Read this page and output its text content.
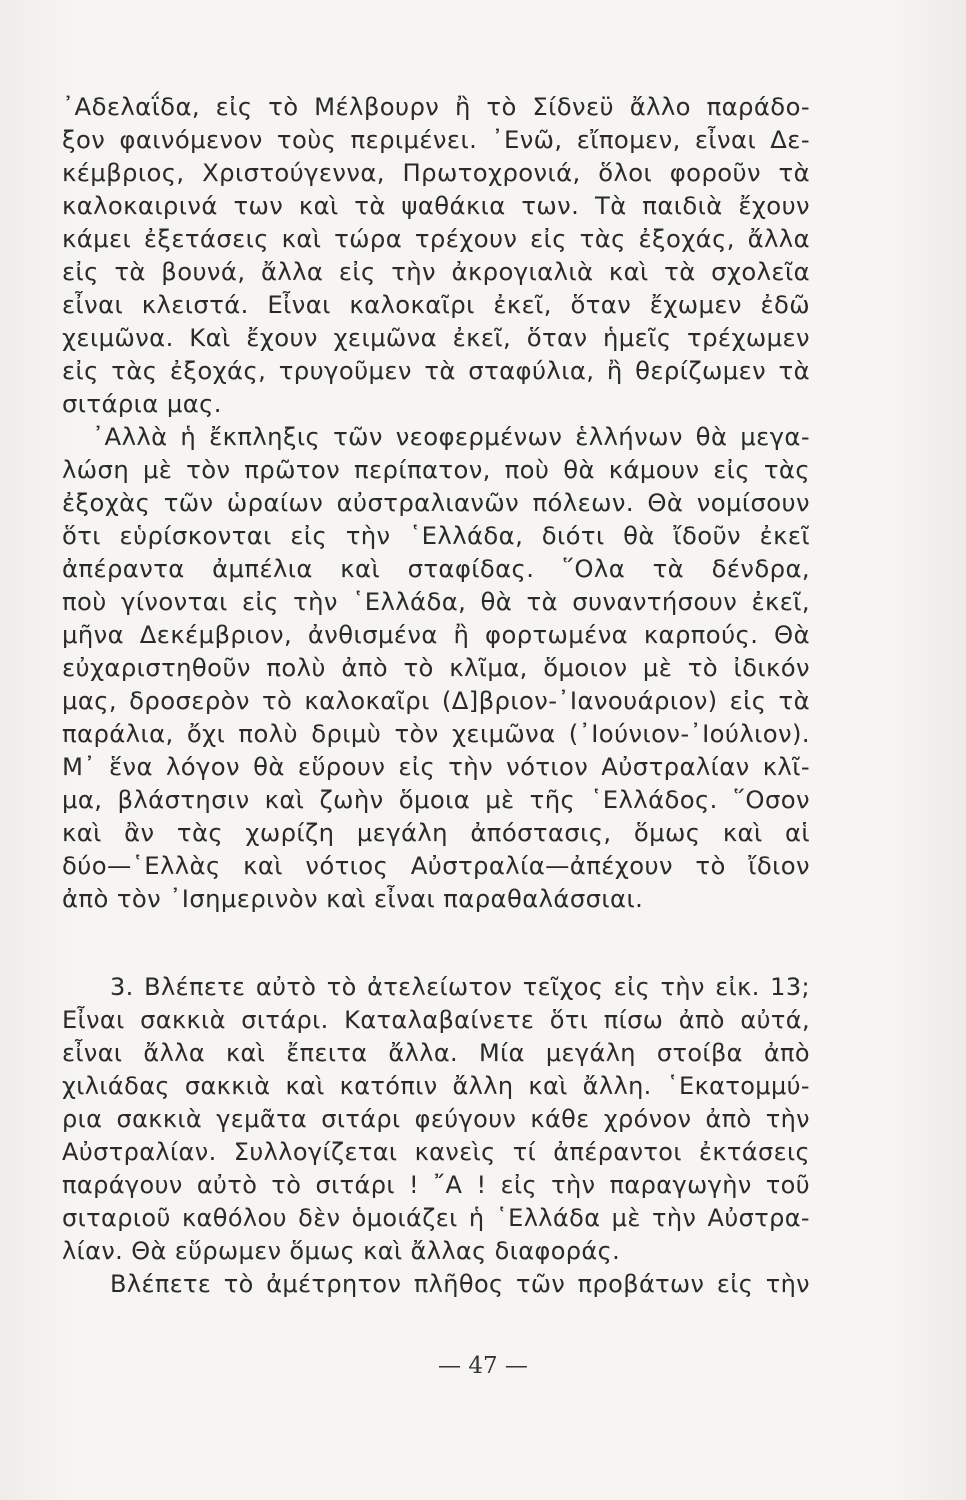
᾿Αδελαΐδα, εἰς τὸ Μέλβουρν ἢ τὸ Σίδνεϋ ἄλλο παράδο-
ξον φαινόμενον τοὺς περιμένει. ᾿Ενῶ, εἴπομεν, εἶναι Δε-
κέμβριος, Χριστούγεννα, Πρωτοχρονιά, ὅλοι φοροῦν τὰ
καλοκαιρινά των καὶ τὰ ψαθάκια των. Τὰ παιδιὰ ἔχουν
κάμει ἐξετάσεις καὶ τώρα τρέχουν εἰς τὰς ἐξοχάς, ἄλλα
εἰς τὰ βουνά, ἄλλα εἰς τὴν ἀκρογιαλιὰ καὶ τὰ σχολεῖα
εἶναι κλειστά. Εἶναι καλοκαῖρι ἐκεῖ, ὅταν ἔχωμεν ἐδῶ
χειμῶνα. Καὶ ἔχουν χειμῶνα ἐκεῖ, ὅταν ἡμεῖς τρέχωμεν
εἰς τὰς ἐξοχάς, τρυγοῦμεν τὰ σταφύλια, ἢ θερίζωμεν τὰ
σιτάρια μας.
᾿Αλλὰ ἡ ἔκπληξις τῶν νεοφερμένων ἑλλήνων θὰ μεγα-
λώση μὲ τὸν πρῶτον περίπατον, ποὺ θὰ κάμουν εἰς τὰς
ἐξοχὰς τῶν ὡραίων αὐστραλιανῶν πόλεων. Θὰ νομίσουν
ὅτι εὑρίσκονται εἰς τὴν ῾Ελλάδα, διότι θὰ ἴδοῦν ἐκεῖ
ἀπέραντα ἀμπέλια καὶ σταφίδας. ῞Ολα τὰ δένδρα,
ποὺ γίνονται εἰς τὴν ῾Ελλάδα, θὰ τὰ συναντήσουν ἐκεῖ,
μῆνα Δεκέμβριον, ἀνθισμένα ἢ φορτωμένα καρπούς. Θὰ
εὐχαριστηθοῦν πολὺ ἀπὸ τὸ κλῖμα, ὅμοιον μὲ τὸ ἰδικόν
μας, δροσερὸν τὸ καλοκαῖρι (Δ]βριον-᾿Ιανουάριον) εἰς τὰ
παράλια, ὄχι πολὺ δριμὺ τὸν χειμῶνα (᾿Ιούνιον-᾿Ιούλιον).
Μ᾿ ἕνα λόγον θὰ εὕρουν εἰς τὴν νότιον Αὐστραλίαν κλῖ-
μα, βλάστησιν καὶ ζωὴν ὅμοια μὲ τῆς ῾Ελλάδος. ῞Οσον
καὶ ἂν τὰς χωρίζη μεγάλη ἀπόστασις, ὅμως καὶ αἱ
δύο—῾Ελλὰς καὶ νότιος Αὐστραλία—ἀπέχουν τὸ ἴδιον
ἀπὸ τὸν ᾿Ισημερινὸν καὶ εἶναι παραθαλάσσιαι.
3. Βλέπετε αὐτὸ τὸ ἀτελείωτον τεῖχος εἰς τὴν εἰκ. 13;
Εἶναι σακκιὰ σιτάρι. Καταλαβαίνετε ὅτι πίσω ἀπὸ αὐτά,
εἶναι ἄλλα καὶ ἔπειτα ἄλλα. Μία μεγάλη στοίβα ἀπὸ
χιλιάδας σακκιὰ καὶ κατόπιν ἄλλη καὶ ἄλλη. ῾Εκατομμύ-
ρια σακκιὰ γεμᾶτα σιτάρι φεύγουν κάθε χρόνον ἀπὸ τὴν
Αὐστραλίαν. Συλλογίζεται κανεὶς τί ἀπέραντοι ἐκτάσεις
παράγουν αὐτὸ τὸ σιτάρι ! ῎Α ! εἰς τὴν παραγωγὴν τοῦ
σιταριοῦ καθόλου δὲν ὁμοιάζει ἡ ῾Ελλάδα μὲ τὴν Αὐστρα-
λίαν. Θὰ εὕρωμεν ὅμως καὶ ἄλλας διαφοράς.
Βλέπετε τὸ ἀμέτρητον πλῆθος τῶν προβάτων εἰς τὴν
— 47 —
